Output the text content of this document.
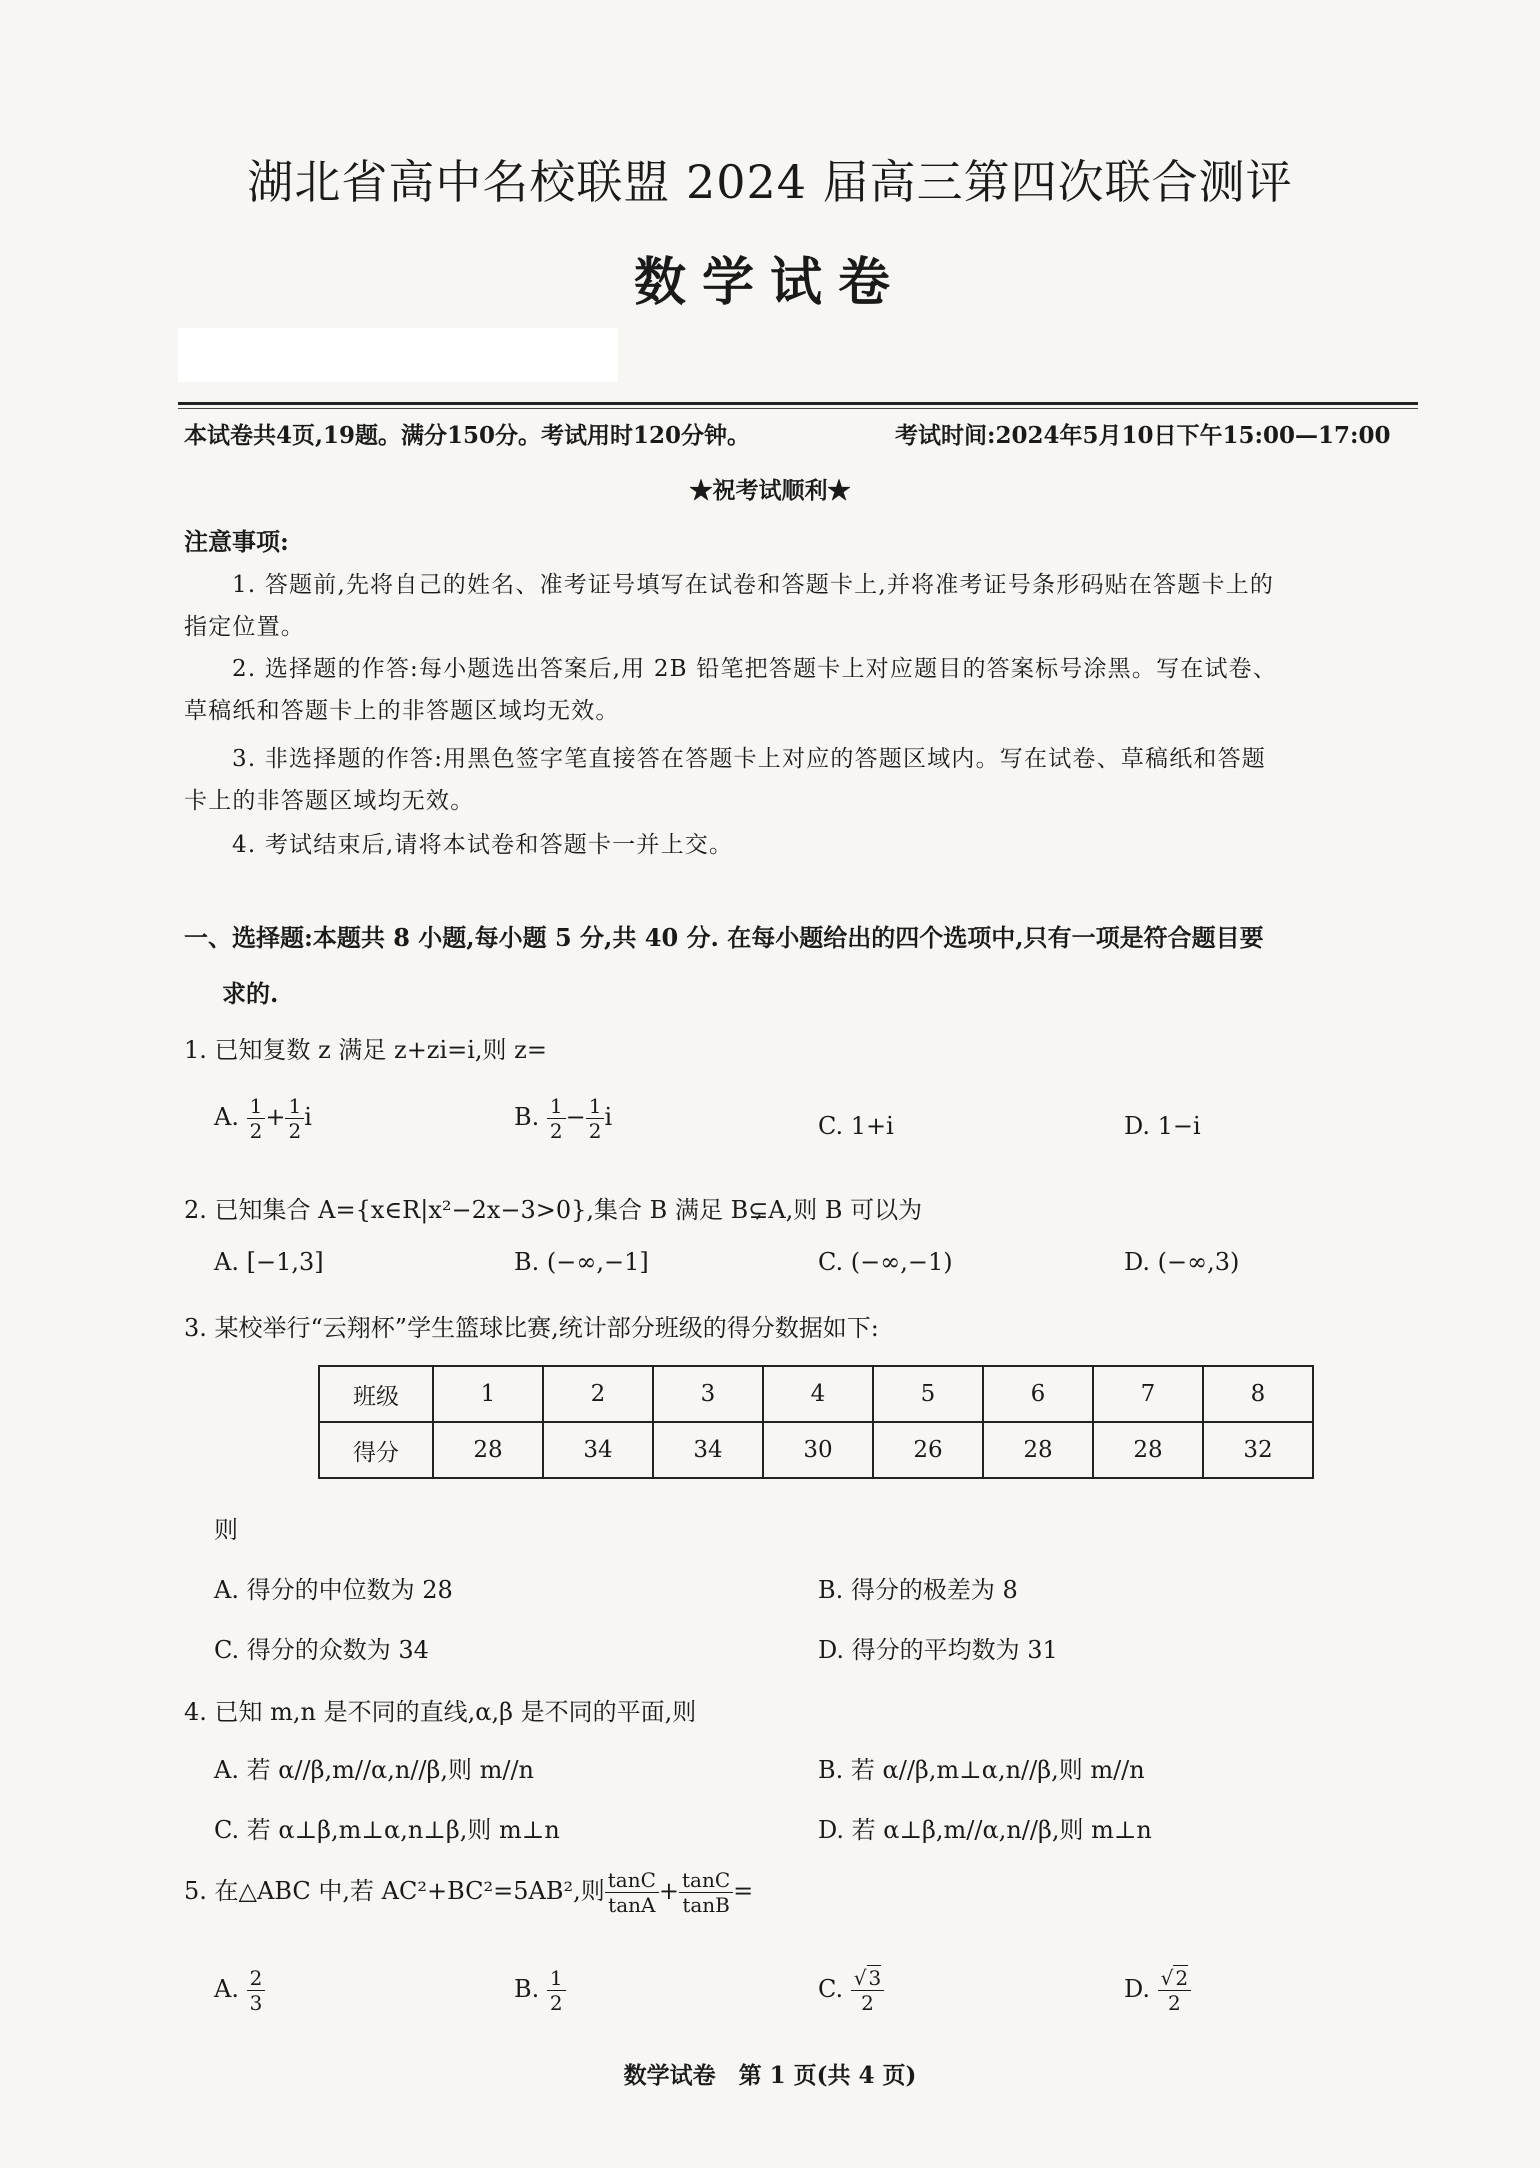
湖北省高中名校联盟 2024 届高三第四次联合测评
数学试卷
本试卷共4页,19题。满分150分。考试用时120分钟。	考试时间:2024年5月10日下午15:00—17:00
★祝考试顺利★
注意事项:
1. 答题前,先将自己的姓名、准考证号填写在试卷和答题卡上,并将准考证号条形码贴在答题卡上的
指定位置。
2. 选择题的作答:每小题选出答案后,用 2B 铅笔把答题卡上对应题目的答案标号涂黑。写在试卷、
草稿纸和答题卡上的非答题区域均无效。
3. 非选择题的作答:用黑色签字笔直接答在答题卡上对应的答题区域内。写在试卷、草稿纸和答题
卡上的非答题区域均无效。
4. 考试结束后,请将本试卷和答题卡一并上交。
一、选择题:本题共 8 小题,每小题 5 分,共 40 分. 在每小题给出的四个选项中,只有一项是符合题目要
求的.
1. 已知复数 z 满足 z+zi=i,则 z=
A. $\frac{1}{2} + \frac{1}{2}$ i	B. $\frac{1}{2} - \frac{1}{2}$ i	C. 1+i	D. 1−i
2. 已知集合 A={x∈R|x²−2x−3>0},集合 B 满足 B⊊A,则 B 可以为
A. [−1,3]	B. (−∞,−1]	C. (−∞,−1)	D. (−∞,3)
3. 某校举行“云翔杯”学生篮球比赛,统计部分班级的得分数据如下:
班级	1	2	3	4	5	6	7	8
得分	28	34	34	30	26	28	28	32
则
A. 得分的中位数为 28	B. 得分的极差为 8
C. 得分的众数为 34	D. 得分的平均数为 31
4. 已知 m,n 是不同的直线,α,β 是不同的平面,则
A. 若 α//β,m//α,n//β,则 m//n	B. 若 α//β,m⊥α,n//β,则 m//n
C. 若 α⊥β,m⊥α,n⊥β,则 m⊥n	D. 若 α⊥β,m//α,n//β,则 m⊥n
5. 在△ABC 中,若 AC²+BC²=5AB²,则 $\frac{\tan C}{\tan A} + \frac{\tan C}{\tan B}$ =
A. $\frac{2}{3}$	B. $\frac{1}{2}$	C. $\frac{√ 3}{2}$	D. $\frac{√ 2}{2}$
数学试卷　第 1 页(共 4 页)
